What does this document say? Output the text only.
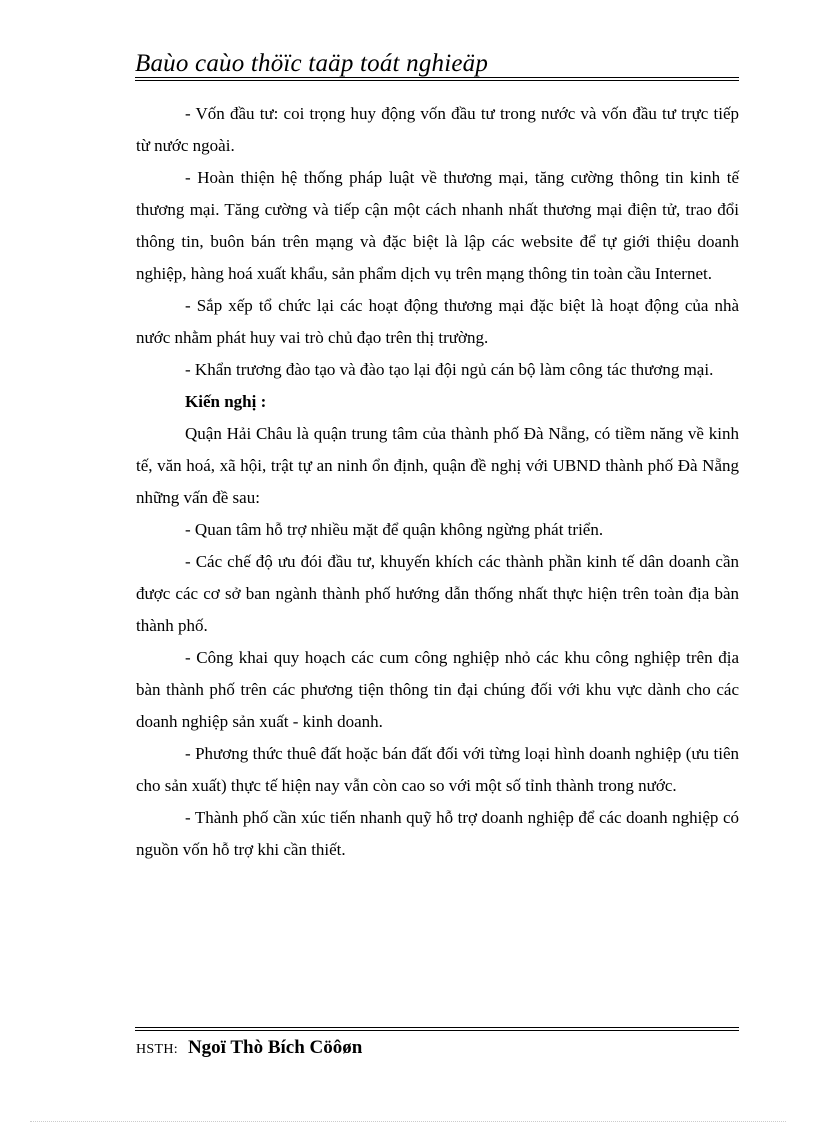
Baùo caùo thöïc taäp toát nghieäp

- Vốn đầu tư: coi trọng huy động vốn đầu tư trong nước và vốn đầu tư trực tiếp từ nước ngoài.

- Hoàn thiện hệ thống pháp luật về thương mại, tăng cường thông tin kinh tế thương mại. Tăng cường và tiếp cận một cách nhanh nhất thương mại điện tử, trao đổi thông tin, buôn bán trên mạng và đặc biệt là lập các website để tự giới thiệu doanh nghiệp, hàng hoá xuất khẩu, sản phẩm dịch vụ trên mạng thông tin toàn cầu Internet.

- Sắp xếp tổ chức lại các hoạt động thương mại đặc biệt là hoạt động của nhà nước nhằm phát huy vai trò chủ đạo trên thị trường.

- Khẩn trương đào tạo và đào tạo lại đội ngủ cán bộ làm công tác thương mại.

Kiến nghị :

Quận Hải Châu là quận trung tâm của thành phố Đà Nẵng, có tiềm năng về kinh tế, văn hoá, xã hội, trật tự an ninh ổn định, quận đề nghị với UBND thành phố Đà Nẵng những vấn đề sau:

- Quan tâm hỗ trợ nhiều mặt để quận không ngừng phát triển.

- Các chế độ ưu đói đầu tư, khuyến khích các thành phần kinh tế dân doanh cần được các cơ sở ban ngành thành phố hướng dẫn thống nhất thực hiện trên toàn địa bàn thành phố.

- Công khai quy hoạch các cum công nghiệp nhỏ các khu công nghiệp trên địa bàn thành phố trên các phương tiện thông tin đại chúng đối với khu vực dành cho các doanh nghiệp sản xuất - kinh doanh.

- Phương thức thuê đất hoặc bán đất đối với từng loại hình doanh nghiệp (ưu tiên cho sản xuất) thực tế hiện nay vẫn còn cao so với một số tỉnh thành trong nước.

- Thành phố cần xúc tiến nhanh quỹ hỗ trợ doanh nghiệp để các doanh nghiệp có nguồn vốn hỗ trợ khi cần thiết.

HSTH: Ngoï Thò Bích Cöôøn
